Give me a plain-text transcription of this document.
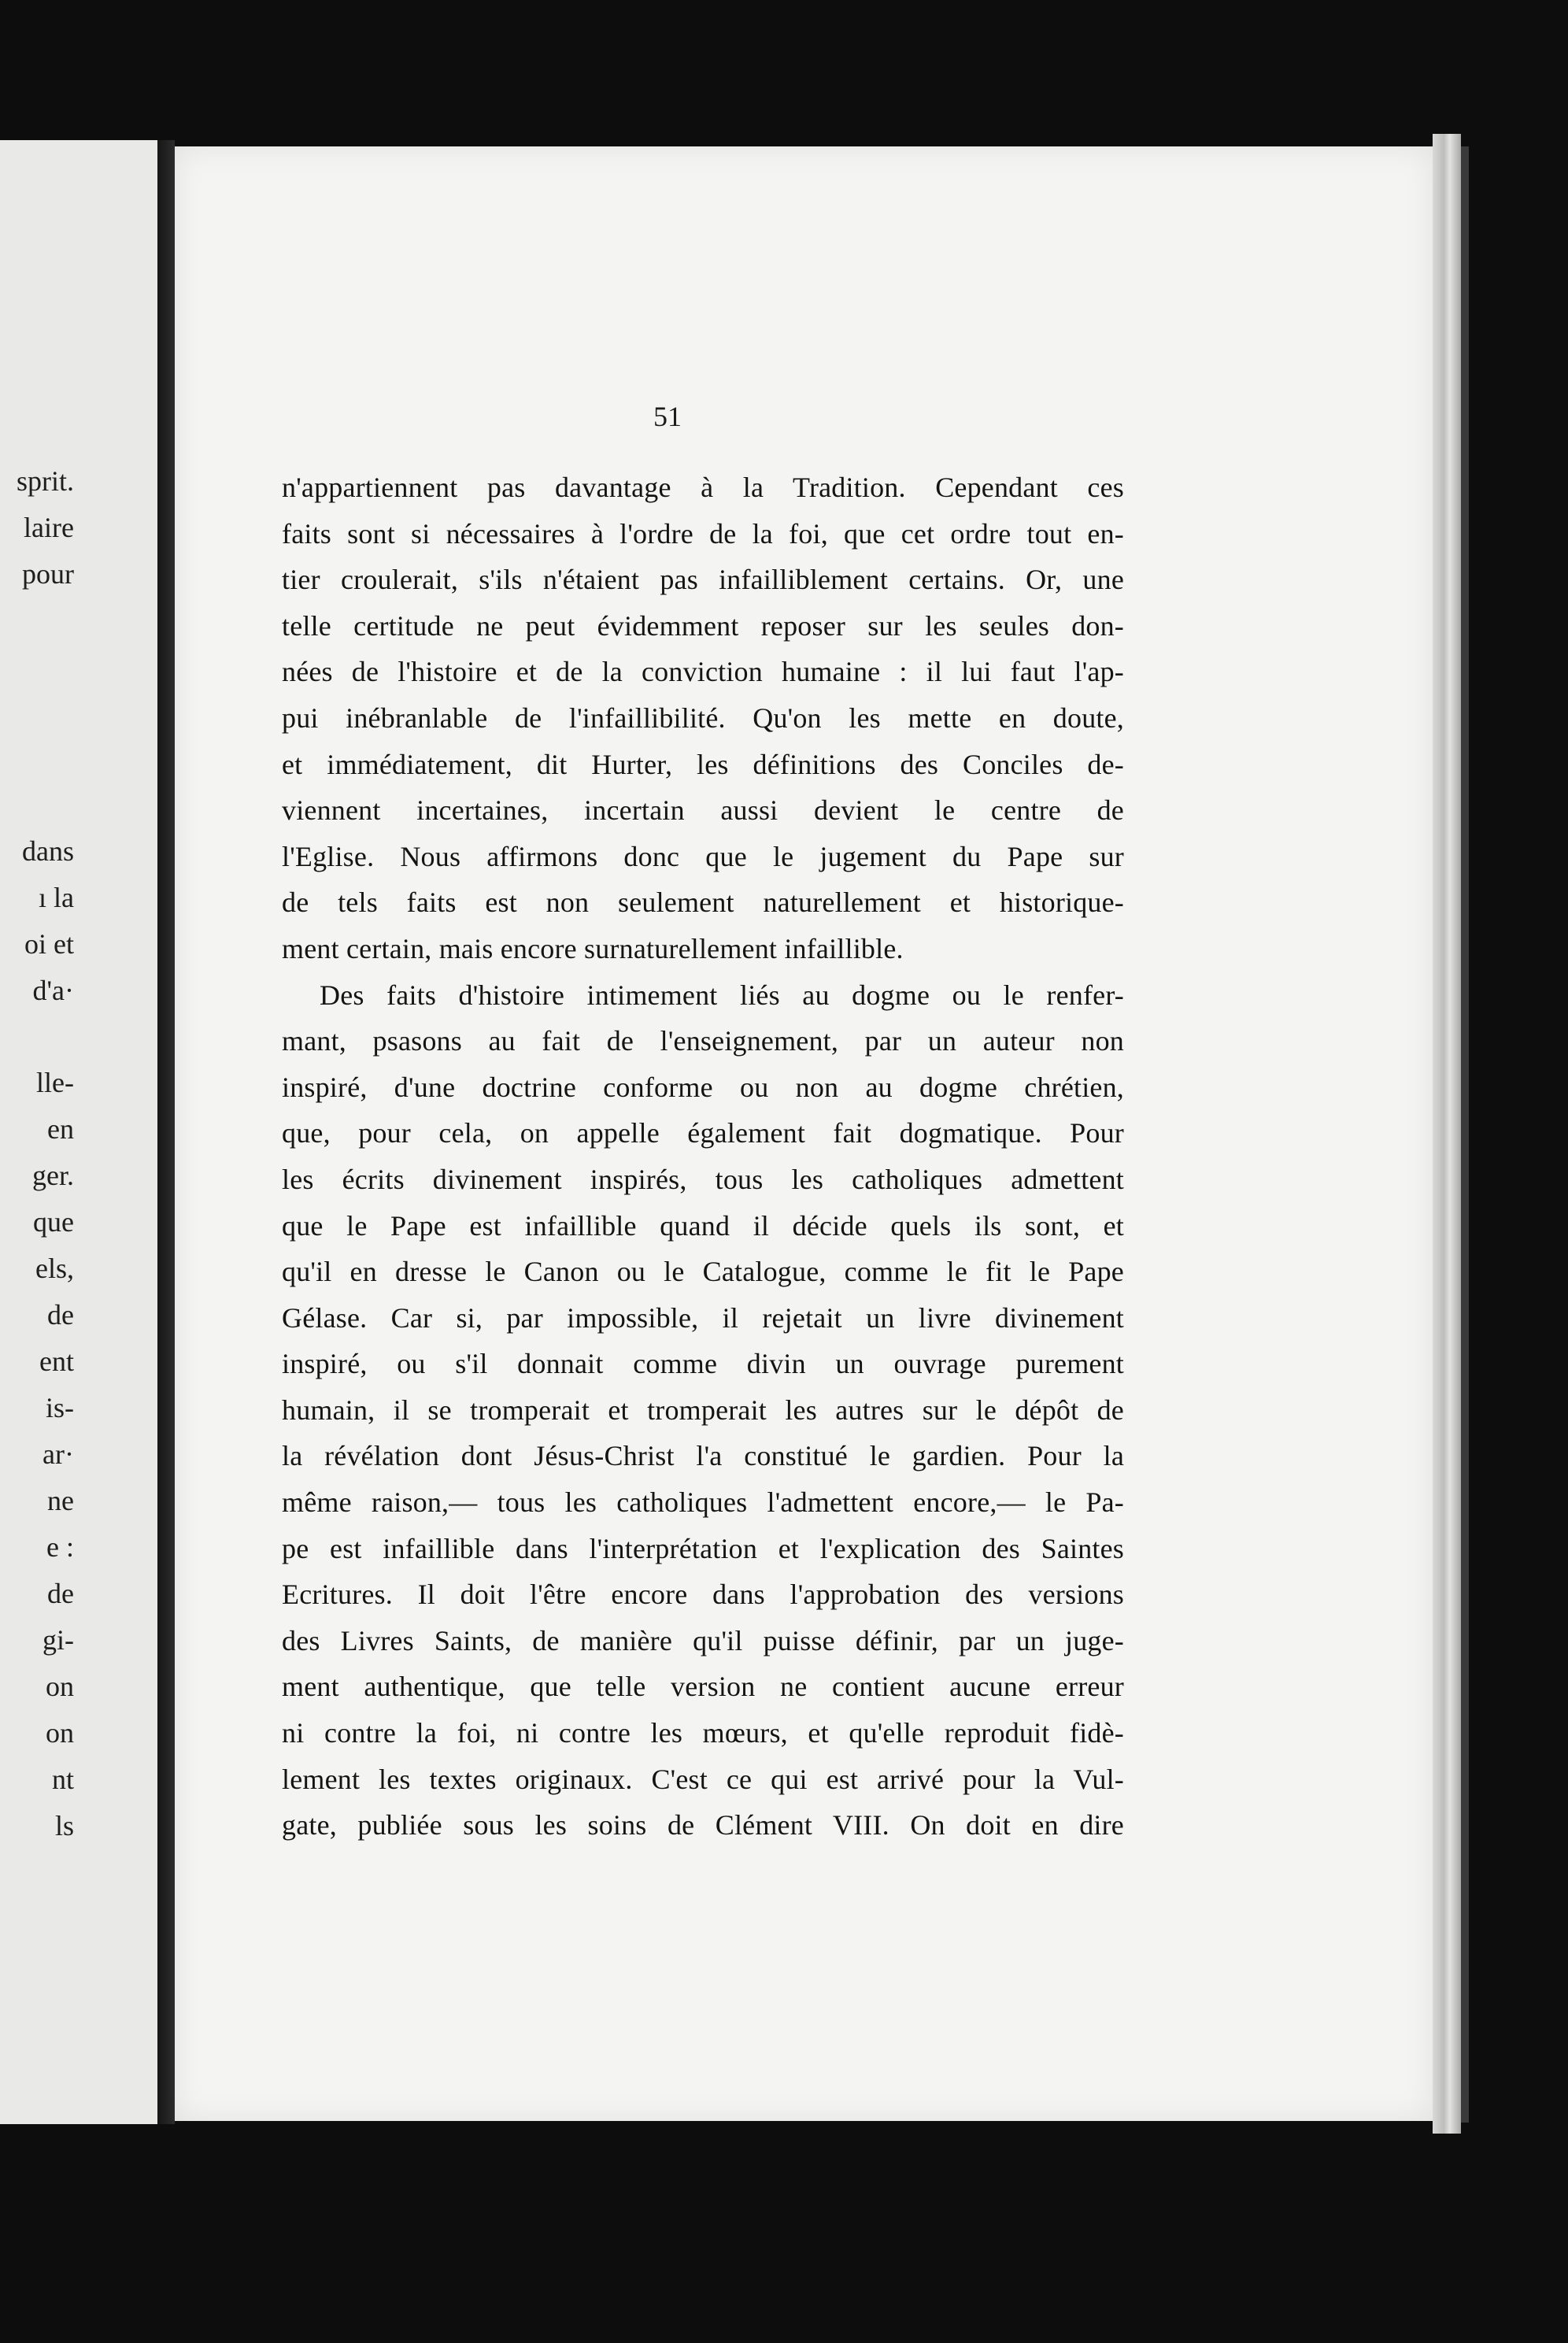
sprit.
laire
pour
dans
ı la
oi et
d'a·
lle-
en
ger.
que
els,
de
ent
is-
ar·
ne
e :
de
gi-
on
on
nt
ls
51
n'appartiennent pas davantage à la Tradition. Cependant ces
faits sont si nécessaires à l'ordre de la foi, que cet ordre tout en-
tier croulerait, s'ils n'étaient pas infailliblement certains. Or, une
telle certitude ne peut évidemment reposer sur les seules don-
nées de l'histoire et de la conviction humaine : il lui faut l'ap-
pui inébranlable de l'infaillibilité. Qu'on les mette en doute,
et immédiatement, dit Hurter, les définitions des Conciles de-
viennent incertaines, incertain aussi devient le centre de
l'Eglise. Nous affirmons donc que le jugement du Pape sur
de tels faits est non seulement naturellement et historique-
ment certain, mais encore surnaturellement infaillible.
Des faits d'histoire intimement liés au dogme ou le renfer-
mant, psasons au fait de l'enseignement, par un auteur non
inspiré, d'une doctrine conforme ou non au dogme chrétien,
que, pour cela, on appelle également fait dogmatique. Pour
les écrits divinement inspirés, tous les catholiques admettent
que le Pape est infaillible quand il décide quels ils sont, et
qu'il en dresse le Canon ou le Catalogue, comme le fit le Pape
Gélase. Car si, par impossible, il rejetait un livre divinement
inspiré, ou s'il donnait comme divin un ouvrage purement
humain, il se tromperait et tromperait les autres sur le dépôt de
la révélation dont Jésus-Christ l'a constitué le gardien. Pour la
même raison,— tous les catholiques l'admettent encore,— le Pa-
pe est infaillible dans l'interprétation et l'explication des Saintes
Ecritures. Il doit l'être encore dans l'approbation des versions
des Livres Saints, de manière qu'il puisse définir, par un juge-
ment authentique, que telle version ne contient aucune erreur
ni contre la foi, ni contre les mœurs, et qu'elle reproduit fidè-
lement les textes originaux. C'est ce qui est arrivé pour la Vul-
gate, publiée sous les soins de Clément VIII. On doit en dire
